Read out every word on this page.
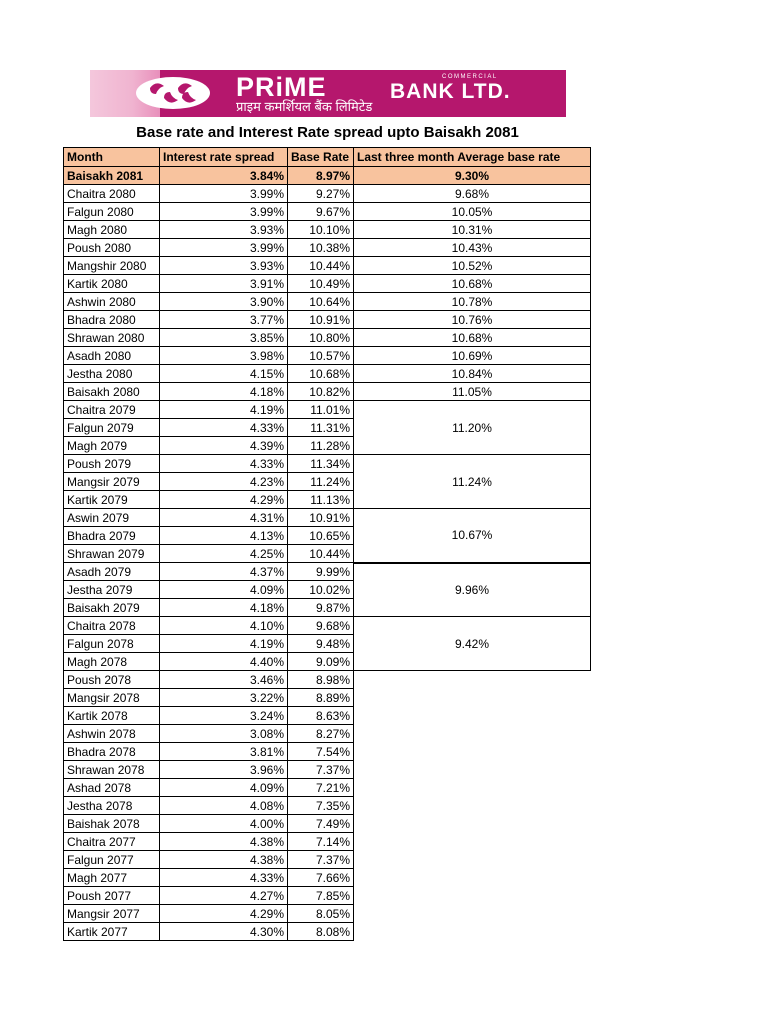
PRiME	COMMERCIAL
BANK LTD.
प्राइम कमर्शियल बैंक लिमिटेड
Base rate and Interest Rate spread upto Baisakh 2081
Month	Interest rate spread	Base Rate	Last three month Average base rate
Baisakh 2081	3.84%	8.97%	9.30%
Chaitra 2080	3.99%	9.27%	9.68%
Falgun 2080	3.99%	9.67%	10.05%
Magh 2080	3.93%	10.10%	10.31%
Poush 2080	3.99%	10.38%	10.43%
Mangshir 2080	3.93%	10.44%	10.52%
Kartik 2080	3.91%	10.49%	10.68%
Ashwin 2080	3.90%	10.64%	10.78%
Bhadra 2080	3.77%	10.91%	10.76%
Shrawan 2080	3.85%	10.80%	10.68%
Asadh 2080	3.98%	10.57%	10.69%
Jestha 2080	4.15%	10.68%	10.84%
Baisakh 2080	4.18%	10.82%	11.05%
Chaitra 2079	4.19%	11.01%	11.20%
Falgun 2079	4.33%	11.31%	
Magh 2079	4.39%	11.28%	
Poush 2079	4.33%	11.34%	11.24%
Mangsir 2079	4.23%	11.24%	
Kartik 2079	4.29%	11.13%	
Aswin 2079	4.31%	10.91%	10.67%
Bhadra 2079	4.13%	10.65%	
Shrawan 2079	4.25%	10.44%	
Asadh 2079	4.37%	9.99%	9.96%
Jestha 2079	4.09%	10.02%	
Baisakh 2079	4.18%	9.87%	
Chaitra 2078	4.10%	9.68%	9.42%
Falgun 2078	4.19%	9.48%	
Magh 2078	4.40%	9.09%	
Poush 2078	3.46%	8.98%	
Mangsir 2078	3.22%	8.89%	
Kartik 2078	3.24%	8.63%	
Ashwin 2078	3.08%	8.27%	
Bhadra 2078	3.81%	7.54%	
Shrawan 2078	3.96%	7.37%	
Ashad 2078	4.09%	7.21%	
Jestha 2078	4.08%	7.35%	
Baishak 2078	4.00%	7.49%	
Chaitra 2077	4.38%	7.14%	
Falgun 2077	4.38%	7.37%	
Magh 2077	4.33%	7.66%	
Poush 2077	4.27%	7.85%	
Mangsir 2077	4.29%	8.05%	
Kartik 2077	4.30%	8.08%	
